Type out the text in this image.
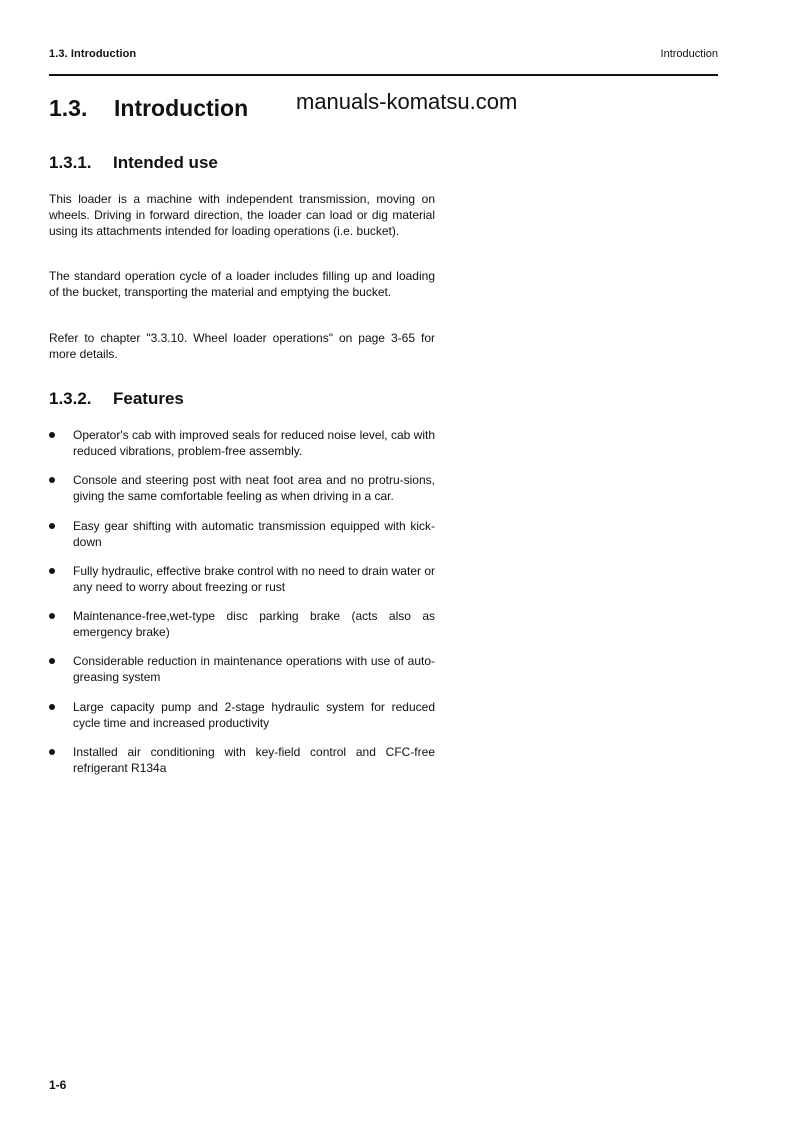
1.3. Introduction	Introduction
1.3. Introduction manuals-komatsu.com
1.3.1. Intended use

This loader is a machine with independent transmission, moving on wheels. Driving in forward direction, the loader can load or dig material using its attachments intended for loading operations (i.e. bucket).

The standard operation cycle of a loader includes filling up and loading of the bucket, transporting the material and emptying the bucket.

Refer to chapter "3.3.10. Wheel loader operations" on page 3-65 for more details.

1.3.2. Features
Operator's cab with improved seals for reduced noise level, cab with reduced vibrations, problem-free assembly.
Console and steering post with neat foot area and no protru-sions, giving the same comfortable feeling as when driving in a car.
Easy gear shifting with automatic transmission equipped with kick-down
Fully hydraulic, effective brake control with no need to drain water or any need to worry about freezing or rust
Maintenance-free,wet-type disc parking brake (acts also as emergency brake)
Considerable reduction in maintenance operations with use of auto-greasing system
Large capacity pump and 2-stage hydraulic system for reduced cycle time and increased productivity
Installed air conditioning with key-field control and CFC-free refrigerant R134a
1-6
